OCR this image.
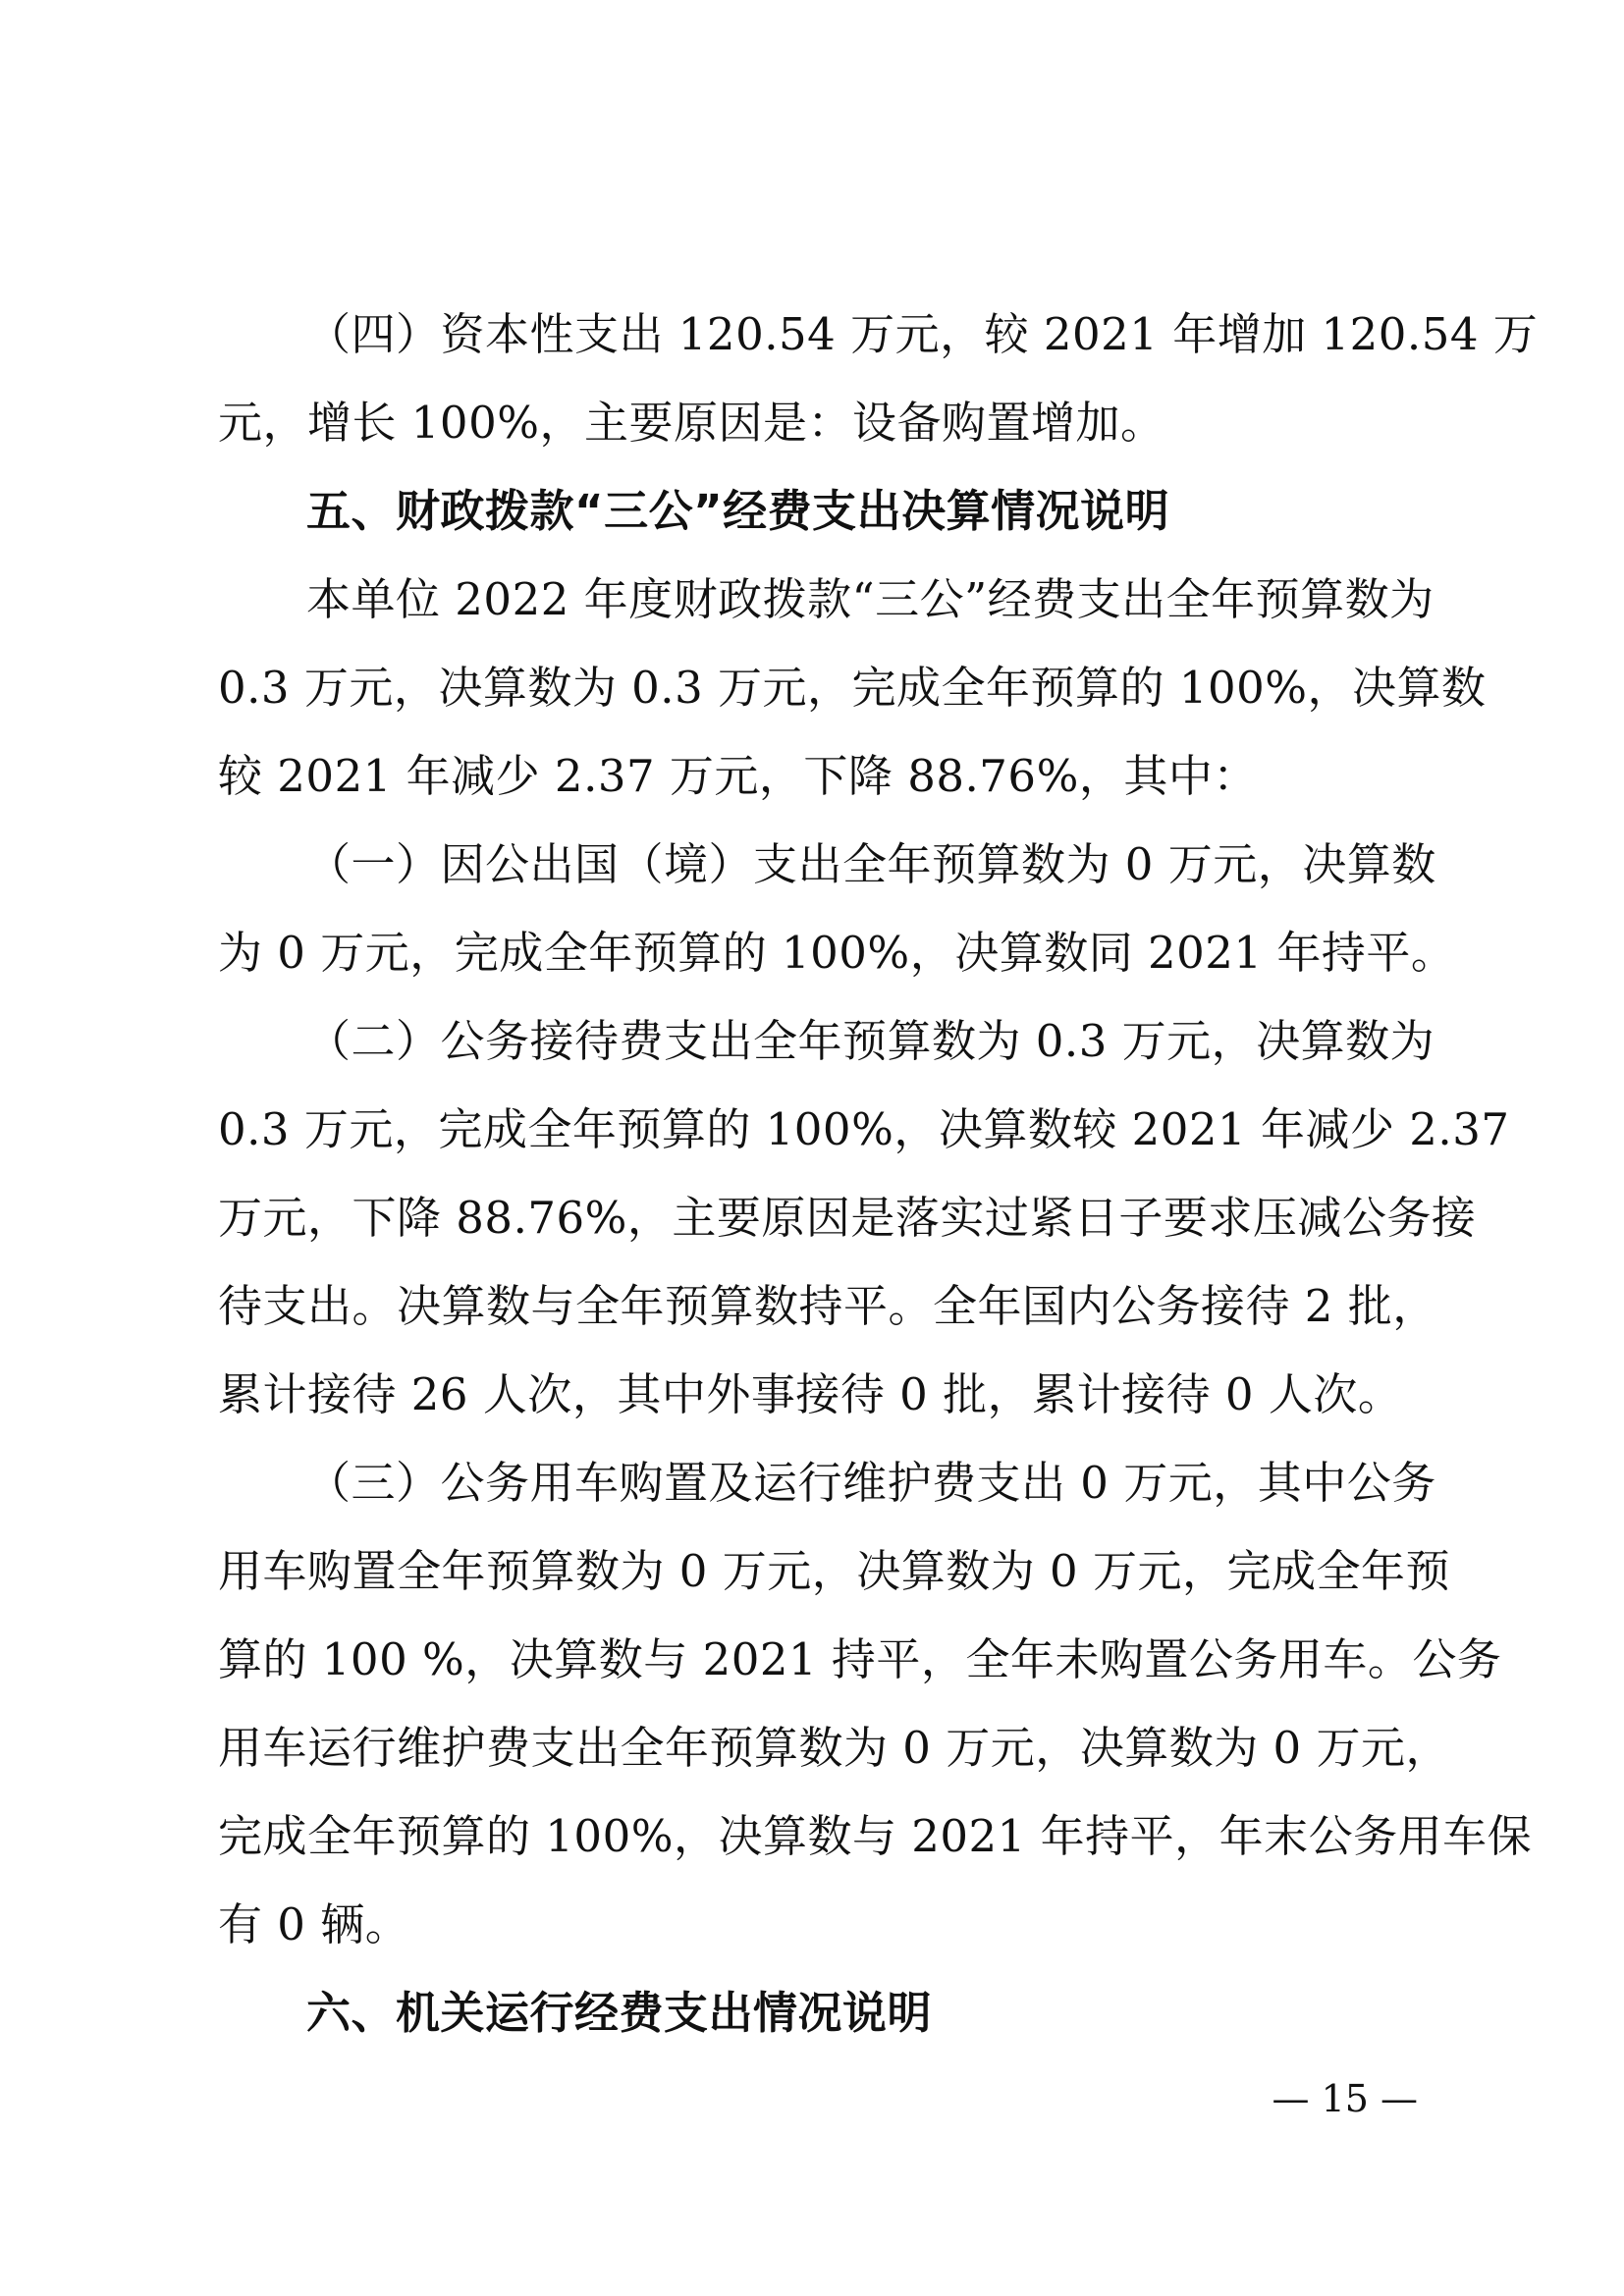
（四）资本性支出 120.54 万元，较 2021 年增加 120.54 万
元，增长 100%，主要原因是：设备购置增加。
五、财政拨款“三公”经费支出决算情况说明
本单位 2022 年度财政拨款“三公”经费支出全年预算数为
0.3 万元，决算数为 0.3 万元，完成全年预算的 100%，决算数
较 2021 年减少 2.37 万元，下降 88.76%，其中：
（一）因公出国（境）支出全年预算数为 0 万元，决算数
为 0 万元，完成全年预算的 100%，决算数同 2021 年持平。
（二）公务接待费支出全年预算数为 0.3 万元，决算数为
0.3 万元，完成全年预算的 100%，决算数较 2021 年减少 2.37
万元，下降 88.76%，主要原因是落实过紧日子要求压减公务接
待支出。决算数与全年预算数持平。全年国内公务接待 2 批，
累计接待 26 人次，其中外事接待 0 批，累计接待 0 人次。
（三）公务用车购置及运行维护费支出 0 万元，其中公务
用车购置全年预算数为 0 万元，决算数为 0 万元，完成全年预
算的 100 %，决算数与 2021 持平，全年未购置公务用车。公务
用车运行维护费支出全年预算数为 0 万元，决算数为 0 万元，
完成全年预算的 100%，决算数与 2021 年持平，年末公务用车保
有 0 辆。
六、机关运行经费支出情况说明
— 15 —
